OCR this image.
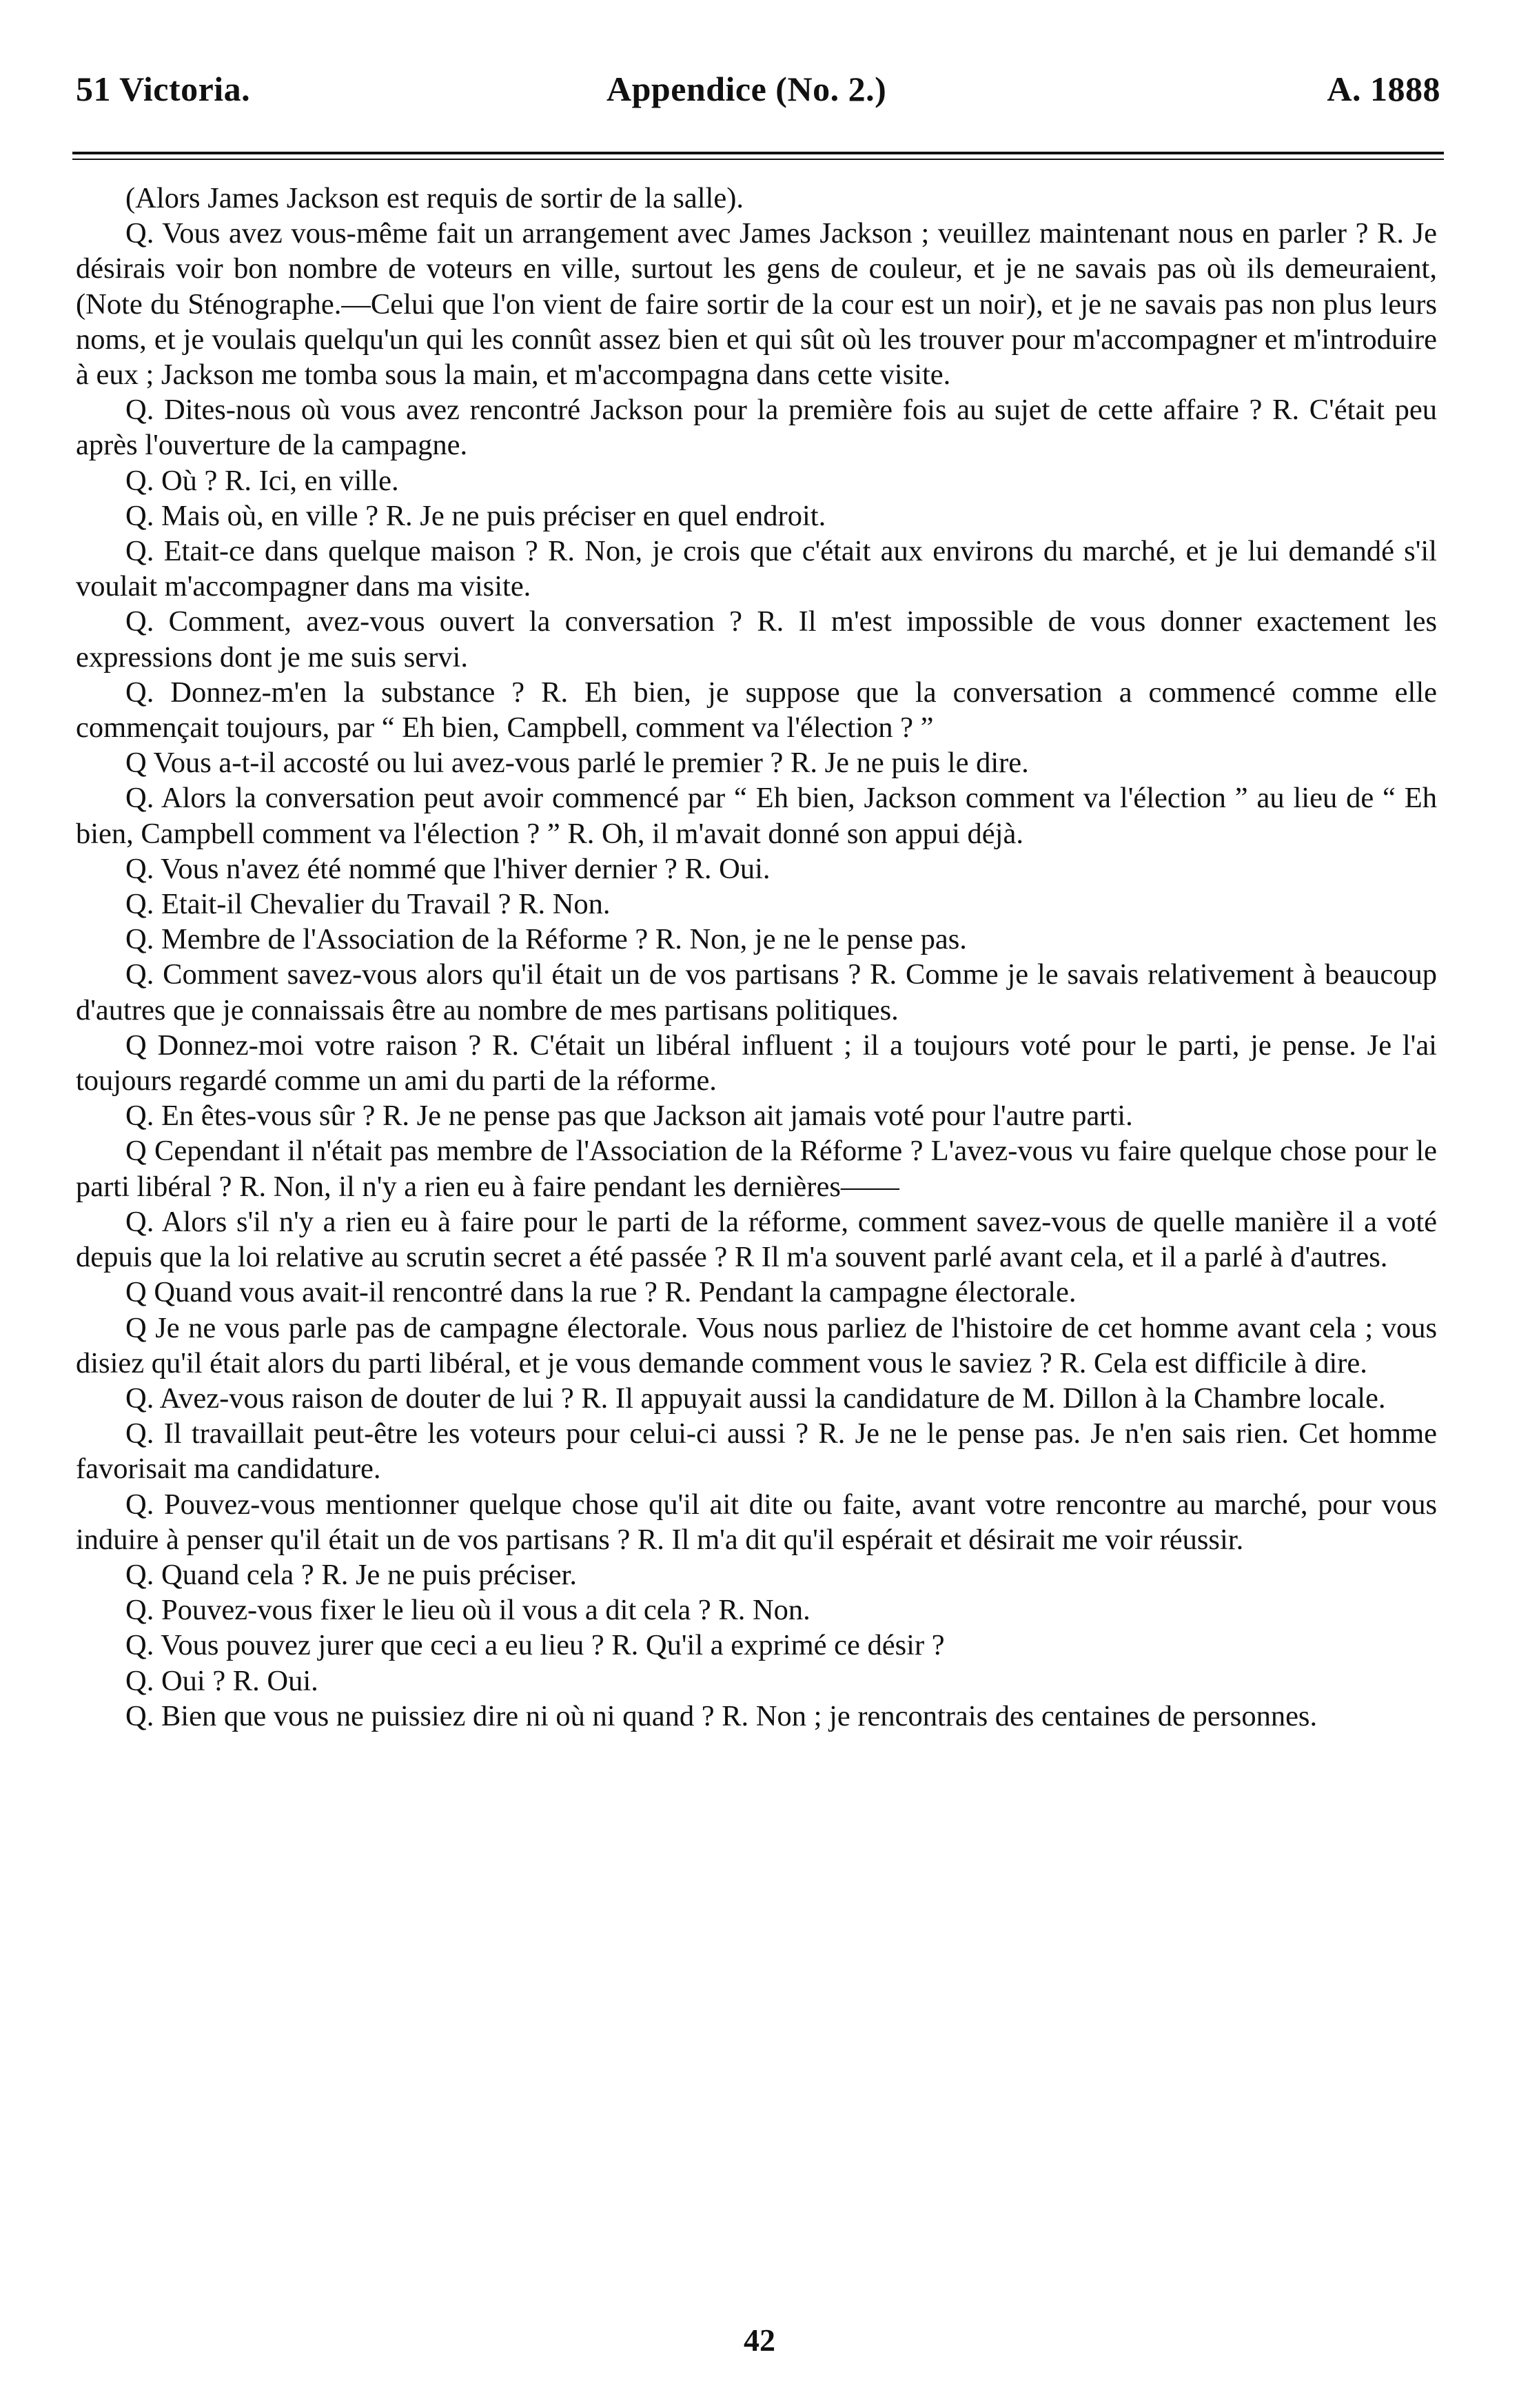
51 Victoria.	Appendice (No. 2.)	A. 1888

(Alors James Jackson est requis de sortir de la salle).

Q. Vous avez vous-même fait un arrangement avec James Jackson ; veuillez maintenant nous en parler ? R. Je désirais voir bon nombre de voteurs en ville, surtout les gens de couleur, et je ne savais pas où ils demeuraient, (Note du Sténographe.—Celui que l'on vient de faire sortir de la cour est un noir), et je ne savais pas non plus leurs noms, et je voulais quelqu'un qui les connût assez bien et qui sût où les trouver pour m'accompagner et m'introduire à eux ; Jackson me tomba sous la main, et m'accompagna dans cette visite.

Q. Dites-nous où vous avez rencontré Jackson pour la première fois au sujet de cette affaire ? R. C'était peu après l'ouverture de la campagne.

Q. Où ? R. Ici, en ville.

Q. Mais où, en ville ? R. Je ne puis préciser en quel endroit.

Q. Etait-ce dans quelque maison ? R. Non, je crois que c'était aux environs du marché, et je lui demandé s'il voulait m'accompagner dans ma visite.

Q. Comment, avez-vous ouvert la conversation ? R. Il m'est impossible de vous donner exactement les expressions dont je me suis servi.

Q. Donnez-m'en la substance ? R. Eh bien, je suppose que la conversation a commencé comme elle commençait toujours, par “ Eh bien, Campbell, comment va l'élection ? ”

Q Vous a-t-il accosté ou lui avez-vous parlé le premier ? R. Je ne puis le dire.

Q. Alors la conversation peut avoir commencé par “ Eh bien, Jackson comment va l'élection ” au lieu de “ Eh bien, Campbell comment va l'élection ? ” R. Oh, il m'avait donné son appui déjà.

Q. Vous n'avez été nommé que l'hiver dernier ? R. Oui.

Q. Etait-il Chevalier du Travail ? R. Non.

Q. Membre de l'Association de la Réforme ? R. Non, je ne le pense pas.

Q. Comment savez-vous alors qu'il était un de vos partisans ? R. Comme je le savais relativement à beaucoup d'autres que je connaissais être au nombre de mes partisans politiques.

Q Donnez-moi votre raison ? R. C'était un libéral influent ; il a toujours voté pour le parti, je pense. Je l'ai toujours regardé comme un ami du parti de la réforme.

Q. En êtes-vous sûr ? R. Je ne pense pas que Jackson ait jamais voté pour l'autre parti.

Q Cependant il n'était pas membre de l'Association de la Réforme ? L'avez-vous vu faire quelque chose pour le parti libéral ? R. Non, il n'y a rien eu à faire pendant les dernières——

Q. Alors s'il n'y a rien eu à faire pour le parti de la réforme, comment savez-vous de quelle manière il a voté depuis que la loi relative au scrutin secret a été passée ? R Il m'a souvent parlé avant cela, et il a parlé à d'autres.

Q Quand vous avait-il rencontré dans la rue ? R. Pendant la campagne électorale.

Q Je ne vous parle pas de campagne électorale. Vous nous parliez de l'histoire de cet homme avant cela ; vous disiez qu'il était alors du parti libéral, et je vous demande comment vous le saviez ? R. Cela est difficile à dire.

Q. Avez-vous raison de douter de lui ? R. Il appuyait aussi la candidature de M. Dillon à la Chambre locale.

Q. Il travaillait peut-être les voteurs pour celui-ci aussi ? R. Je ne le pense pas. Je n'en sais rien. Cet homme favorisait ma candidature.

Q. Pouvez-vous mentionner quelque chose qu'il ait dite ou faite, avant votre rencontre au marché, pour vous induire à penser qu'il était un de vos partisans ? R. Il m'a dit qu'il espérait et désirait me voir réussir.

Q. Quand cela ? R. Je ne puis préciser.

Q. Pouvez-vous fixer le lieu où il vous a dit cela ? R. Non.

Q. Vous pouvez jurer que ceci a eu lieu ? R. Qu'il a exprimé ce désir ?

Q. Oui ? R. Oui.

Q. Bien que vous ne puissiez dire ni où ni quand ? R. Non ; je rencontrais des centaines de personnes.

42
